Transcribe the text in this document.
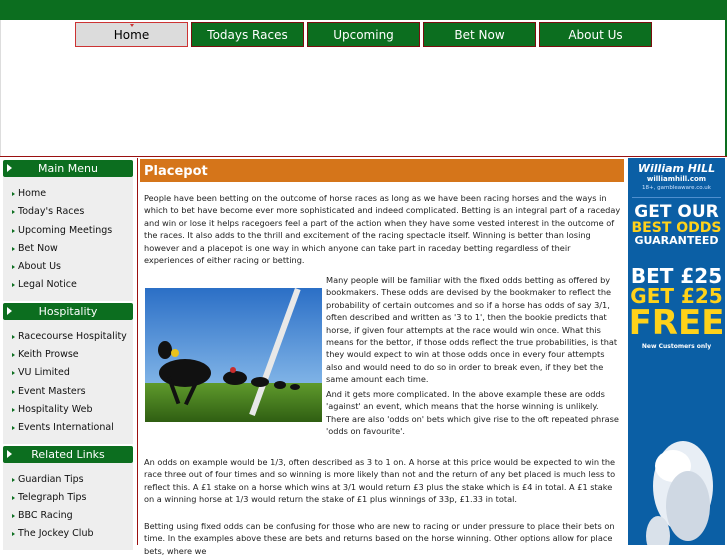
Home	Todays Races	Upcoming Meetings
Bet Now	About Us
Main Menu
Home
Today's Races
Upcoming Meetings
Bet Now
About Us
Legal Notice
Hospitality
Racecourse Hospitality
Keith Prowse
VU Limited
Event Masters
Hospitality Web
Events International
Related Links
Guardian Tips
Telegraph Tips
BBC Racing
The Jockey Club
Placepot
People have been betting on the outcome of horse races as long as we have been racing horses and the ways in which to bet have become ever more sophisticated and indeed complicated. Betting is an integral part of a raceday and win or lose it helps racegoers feel a part of the action when they have some vested interest in the outcome of the races. It also adds to the thrill and excitement of the racing spectacle itself. Winning is better than losing however and a placepot is one way in which anyone can take part in raceday betting regardless of their experiences of either racing or betting.
Many people will be familiar with the fixed odds betting as offered by bookmakers. These odds are devised by the bookmaker to reflect the probability of certain outcomes and so if a horse has odds of say 3/1, often described and written as '3 to 1', then the bookie predicts that horse, if given four attempts at the race would win once. What this means for the bettor, if those odds reflect the true probabilities, is that they would expect to win at those odds once in every four attempts also and would need to do so in order to break even, if they bet the same amount each time.
And it gets more complicated. In the above example these are odds 'against' an event, which means that the horse winning is unlikely. There are also 'odds on' bets which give rise to the oft repeated phrase 'odds on favourite'.
An odds on example would be 1/3, often described as 3 to 1 on. A horse at this price would be expected to win the race three out of four times and so winning is more likely than not and the return of any bet placed is much less to reflect this. A £1 stake on a horse which wins at 3/1 would return £3 plus the stake which is £4 in total. A £1 stake on a winning horse at 1/3 would return the stake of £1 plus winnings of 33p, £1.33 in total.
Betting using fixed odds can be confusing for those who are new to racing or under pressure to place their bets on time. In the examples above these are bets and returns based on the horse winning. Other options allow for place bets, where we
William HILL
williamhill.com
18+, gambleaware.co.uk
GET OUR
BEST ODDS
GUARANTEED
BET £25
GET £25
FREE
New Customers only
